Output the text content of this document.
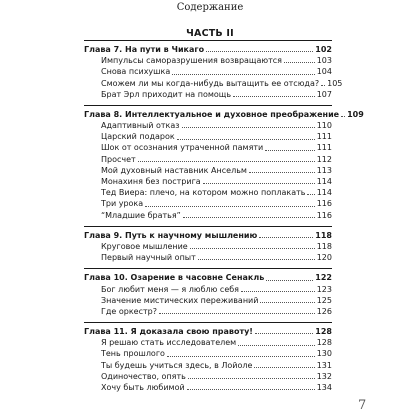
Содержание
ЧАСТЬ II
Глава 7. На пути в Чикаго	102
Импульсы саморазрушения возвращаются	103
Снова психушка	104
Сможем ли мы когда-нибудь вытащить ее отсюда? 105
Брат Эрл приходит на помощь	107
Глава 8. Интеллектуальное и духовное преображение 109
Адаптивный отказ	110
Царский подарок	111
Шок от осознания утраченной памяти	111
Просчет	112
Мой духовный наставник Ансельм	113
Монахиня без пострига	114
Тед Виера: плечо, на котором можно поплакать 114
Три урока	116
“Младшие братья”	116
Глава 9. Путь к научному мышлению	118
Круговое мышление	118
Первый научный опыт	120
Глава 10. Озарение в часовне Сенакль	122
Бог любит меня — я люблю себя	123
Значение мистических переживаний	125
Где оркестр?	126
Глава 11. Я доказала свою правоту!	128
Я решаю стать исследователем	128
Тень прошлого	130
Ты будешь учиться здесь, в Лойоле	131
Одиночество, опять	132
Хочу быть любимой	134
7
